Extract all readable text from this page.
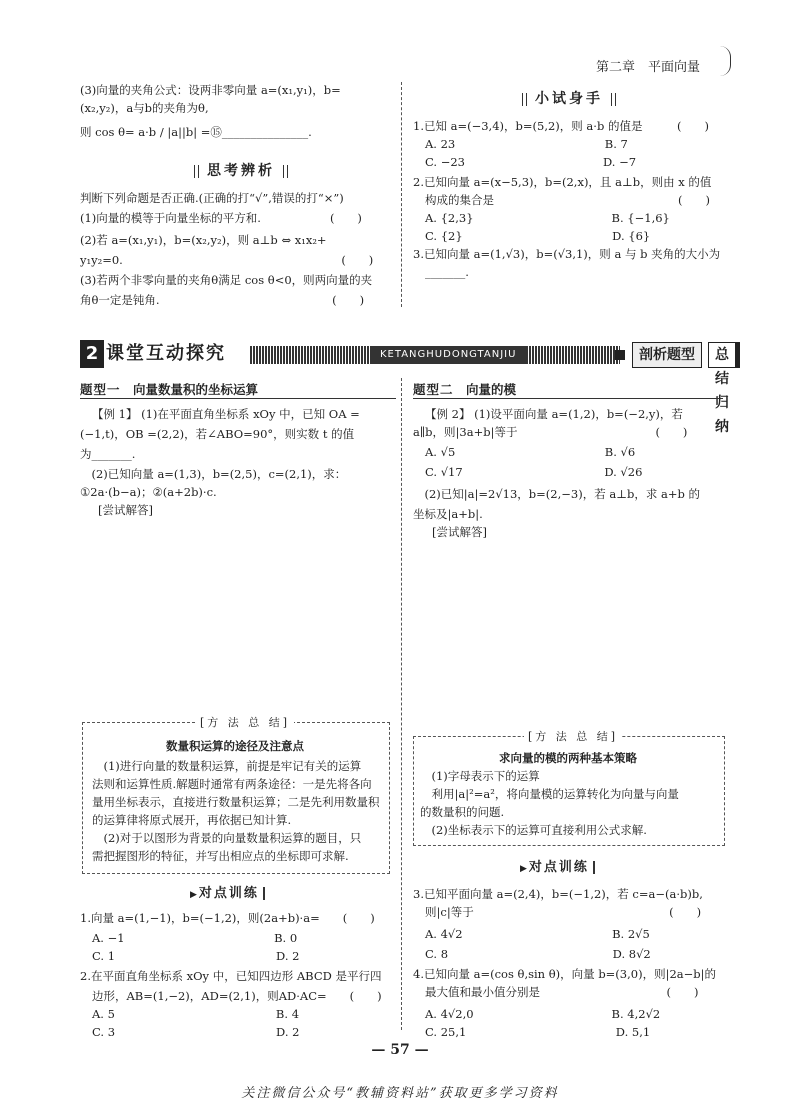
第二章　平面向量
(3)向量的夹角公式：设两非零向量 a=(x₁,y₁)，b=
(x₂,y₂)，a与b的夹角为θ,
则 cos θ= a·b / |a||b| =⑮_______________.
思考辨析
判断下列命题是否正确.(正确的打“√”,错误的打“×”)
(1)向量的模等于向量坐标的平方和.　　　　　　(　　)
(2)若 a=(x₁,y₁)，b=(x₂,y₂)，则 a⊥b ⇔ x₁x₂+
y₁y₂=0.　　　　　　　　　　　　　　　　　　　(　　)
(3)若两个非零向量的夹角θ满足 cos θ<0，则两向量的夹
角θ一定是钝角.　　　　　　　　　　　　　　　(　　)
小试身手
1.已知 a=(−3,4)，b=(5,2)，则 a·b 的值是　　　(　　)
A. 23　　　　　　　　　　　　　B. 7
C. −23　　　　　　　　　　　　D. −7
2.已知向量 a=(x−5,3)，b=(2,x)，且 a⊥b，则由 x 的值
构成的集合是　　　　　　　　　　　　　　　　(　　)
A. {2,3}　　　　　　　　　　　　B. {−1,6}
C. {2}　　　　　　　　　　　　　D. {6}
3.已知向量 a=(1,√3)，b=(√3,1)，则 a 与 b 夹角的大小为
_______.
2 课堂互动探究	KETANGHUDONGTANJIU	剖析题型	总结归纳
题型一　 向量数量积的坐标运算
【例 1】 (1)在平面直角坐标系 xOy 中，已知 OA =
(−1,t)，OB =(2,2)，若∠ABO=90°，则实数 t 的值
为_______.
　(2)已知向量 a=(1,3)，b=(2,5)，c=(2,1)，求：
①2a·(b−a)；②(a+2b)·c.
[尝试解答]
[方 法 总 结]
数量积运算的途径及注意点
　(1)进行向量的数量积运算，前提是牢记有关的运算
法则和运算性质.解题时通常有两条途径：一是先将各向
量用坐标表示，直接进行数量积运算；二是先利用数量积
的运算律将原式展开，再依据已知计算.
　(2)对于以图形为背景的向量数量积运算的题目，只
需把握图形的特征，并写出相应点的坐标即可求解.
▶对点训练
1.向量 a=(1,−1)，b=(−1,2)，则(2a+b)·a=　　(　　)
A. −1　　　　　　　　　　　　　B. 0
C. 1　　　　　　　　　　　　　　D. 2
2.在平面直角坐标系 xOy 中，已知四边形 ABCD 是平行四
边形，AB=(1,−2)，AD=(2,1)，则AD·AC=　　(　　)
A. 5　　　　　　　　　　　　　　B. 4
C. 3　　　　　　　　　　　　　　D. 2
题型二　 向量的模
【例 2】 (1)设平面向量 a=(1,2)，b=(−2,y)，若
a∥b，则|3a+b|等于　　　　　　　　　　　　(　　)
A. √5　　　　　　　　　　　　　B. √6
C. √17　　　　　　　　　　　　 D. √26
　(2)已知|a|=2√13，b=(2,−3)，若 a⊥b，求 a+b 的
坐标及|a+b|.
[尝试解答]
[方 法 总 结]
求向量的模的两种基本策略
　(1)字母表示下的运算
　利用|a|²=a²，将向量模的运算转化为向量与向量
的数量积的问题.
　(2)坐标表示下的运算可直接利用公式求解.
▶对点训练
3.已知平面向量 a=(2,4)，b=(−1,2)，若 c=a−(a·b)b,
则|c|等于　　　　　　　　　　　　　　　　　(　　)
A. 4√2　　　　　　　　　　　　　B. 2√5
C. 8　　　　　　　　　　　　　　 D. 8√2
4.已知向量 a=(cos θ,sin θ)，向量 b=(3,0)，则|2a−b|的
最大值和最小值分别是　　　　　　　　　　　(　　)
A. 4√2,0　　　　　　　　　　　　B. 4,2√2
C. 25,1　　　　　　　　　　　　　D. 5,1
— 57 —
关注微信公众号“教辅资料站”获取更多学习资料
